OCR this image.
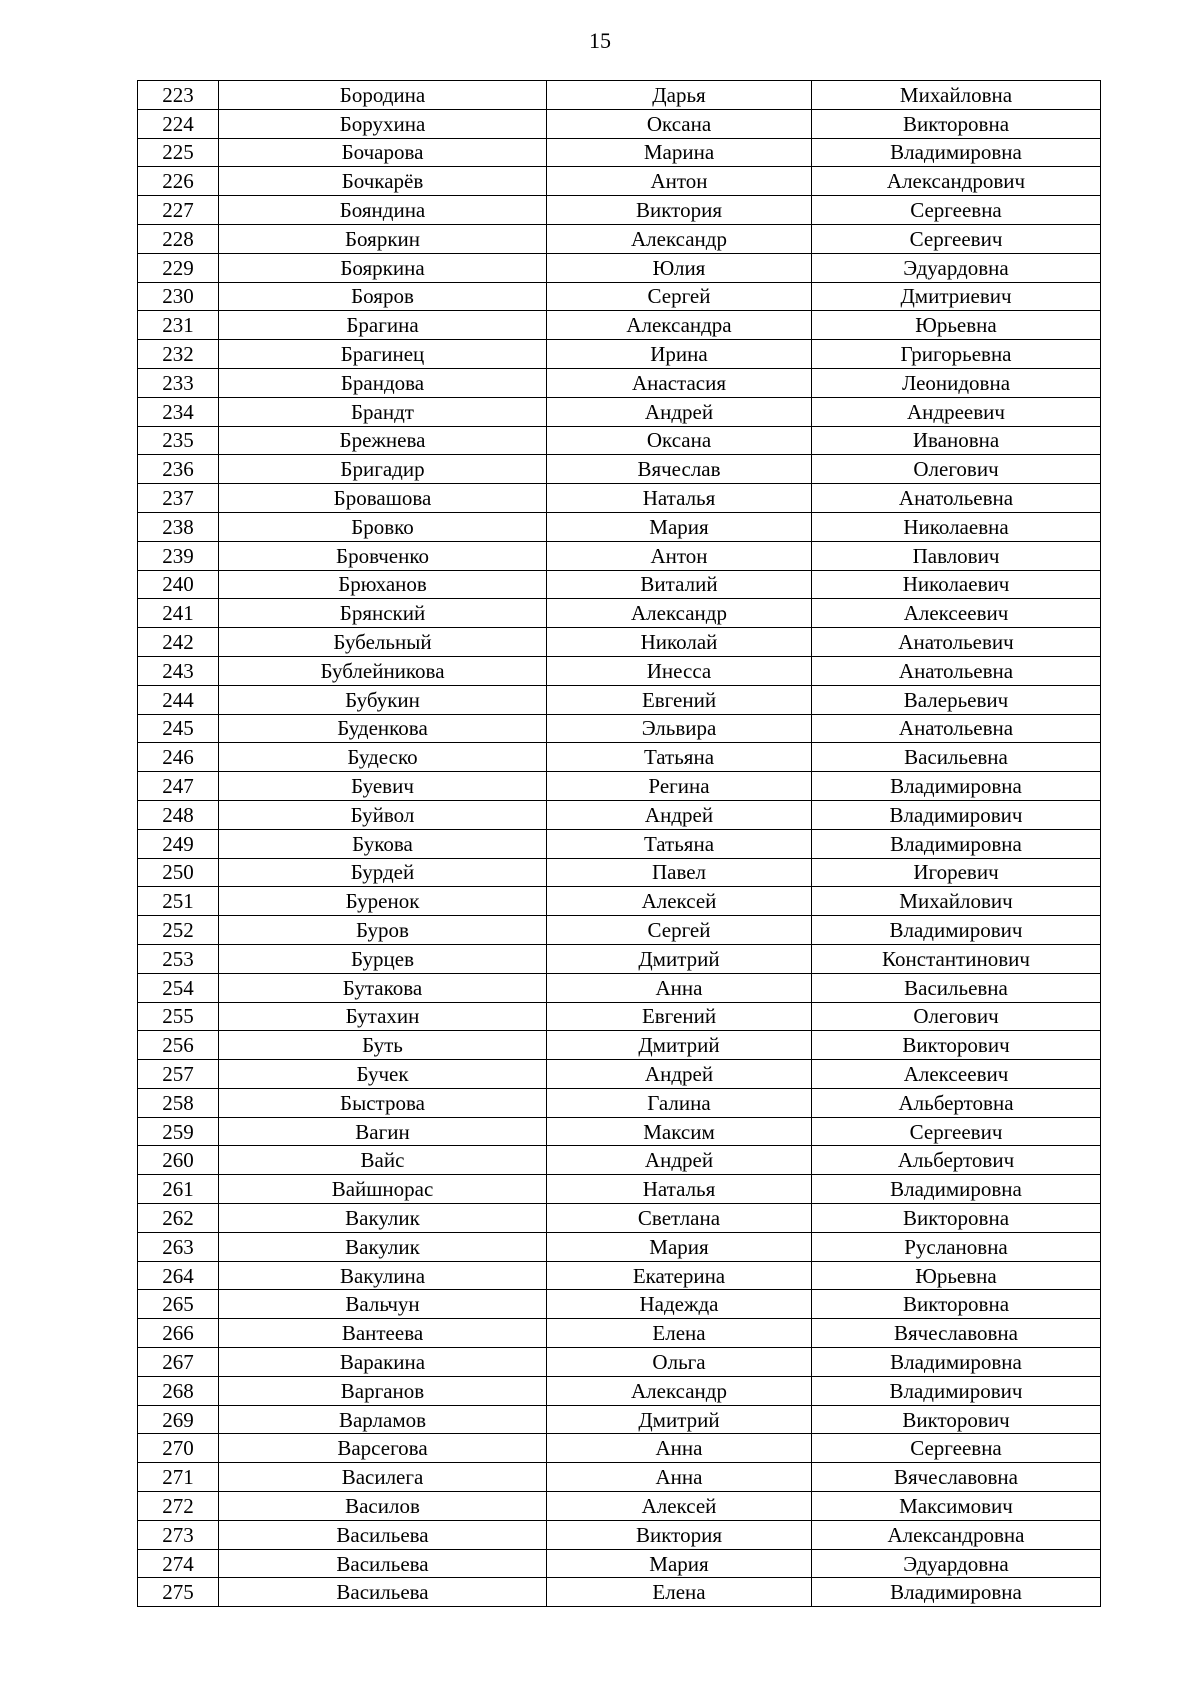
15
223	Бородина	Дарья	Михайловна
224	Борухина	Оксана	Викторовна
225	Бочарова	Марина	Владимировна
226	Бочкарёв	Антон	Александрович
227	Бояндина	Виктория	Сергеевна
228	Бояркин	Александр	Сергеевич
229	Бояркина	Юлия	Эдуардовна
230	Бояров	Сергей	Дмитриевич
231	Брагина	Александра	Юрьевна
232	Брагинец	Ирина	Григорьевна
233	Брандова	Анастасия	Леонидовна
234	Брандт	Андрей	Андреевич
235	Брежнева	Оксана	Ивановна
236	Бригадир	Вячеслав	Олегович
237	Бровашова	Наталья	Анатольевна
238	Бровко	Мария	Николаевна
239	Бровченко	Антон	Павлович
240	Брюханов	Виталий	Николаевич
241	Брянский	Александр	Алексеевич
242	Бубельный	Николай	Анатольевич
243	Бублейникова	Инесса	Анатольевна
244	Бубукин	Евгений	Валерьевич
245	Буденкова	Эльвира	Анатольевна
246	Будеско	Татьяна	Васильевна
247	Буевич	Регина	Владимировна
248	Буйвол	Андрей	Владимирович
249	Букова	Татьяна	Владимировна
250	Бурдей	Павел	Игоревич
251	Буренок	Алексей	Михайлович
252	Буров	Сергей	Владимирович
253	Бурцев	Дмитрий	Константинович
254	Бутакова	Анна	Васильевна
255	Бутахин	Евгений	Олегович
256	Буть	Дмитрий	Викторович
257	Бучек	Андрей	Алексеевич
258	Быстрова	Галина	Альбертовна
259	Вагин	Максим	Сергеевич
260	Вайс	Андрей	Альбертович
261	Вайшнорас	Наталья	Владимировна
262	Вакулик	Светлана	Викторовна
263	Вакулик	Мария	Руслановна
264	Вакулина	Екатерина	Юрьевна
265	Вальчун	Надежда	Викторовна
266	Вантеева	Елена	Вячеславовна
267	Варакина	Ольга	Владимировна
268	Варганов	Александр	Владимирович
269	Варламов	Дмитрий	Викторович
270	Варсегова	Анна	Сергеевна
271	Василега	Анна	Вячеславовна
272	Василов	Алексей	Максимович
273	Васильева	Виктория	Александровна
274	Васильева	Мария	Эдуардовна
275	Васильева	Елена	Владимировна
